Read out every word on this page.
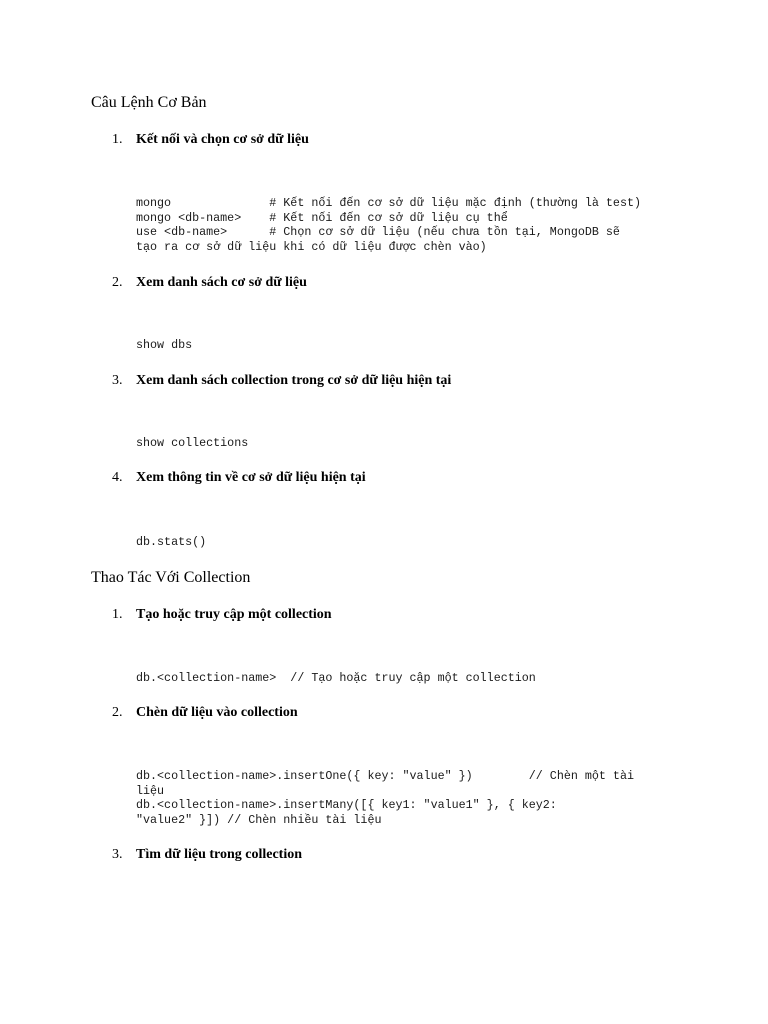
Câu Lệnh Cơ Bản
1. Kết nối và chọn cơ sở dữ liệu
mongo              # Kết nối đến cơ sở dữ liệu mặc định (thường là test)
mongo <db-name>    # Kết nối đến cơ sở dữ liệu cụ thể
use <db-name>      # Chọn cơ sở dữ liệu (nếu chưa tồn tại, MongoDB sẽ
tạo ra cơ sở dữ liệu khi có dữ liệu được chèn vào)
2. Xem danh sách cơ sở dữ liệu
show dbs
3. Xem danh sách collection trong cơ sở dữ liệu hiện tại
show collections
4. Xem thông tin về cơ sở dữ liệu hiện tại
db.stats()
Thao Tác Với Collection
1. Tạo hoặc truy cập một collection
db.<collection-name>  // Tạo hoặc truy cập một collection
2. Chèn dữ liệu vào collection
db.<collection-name>.insertOne({ key: "value" })        // Chèn một tài
liệu
db.<collection-name>.insertMany([{ key1: "value1" }, { key2:
"value2" }]) // Chèn nhiều tài liệu
3. Tìm dữ liệu trong collection
